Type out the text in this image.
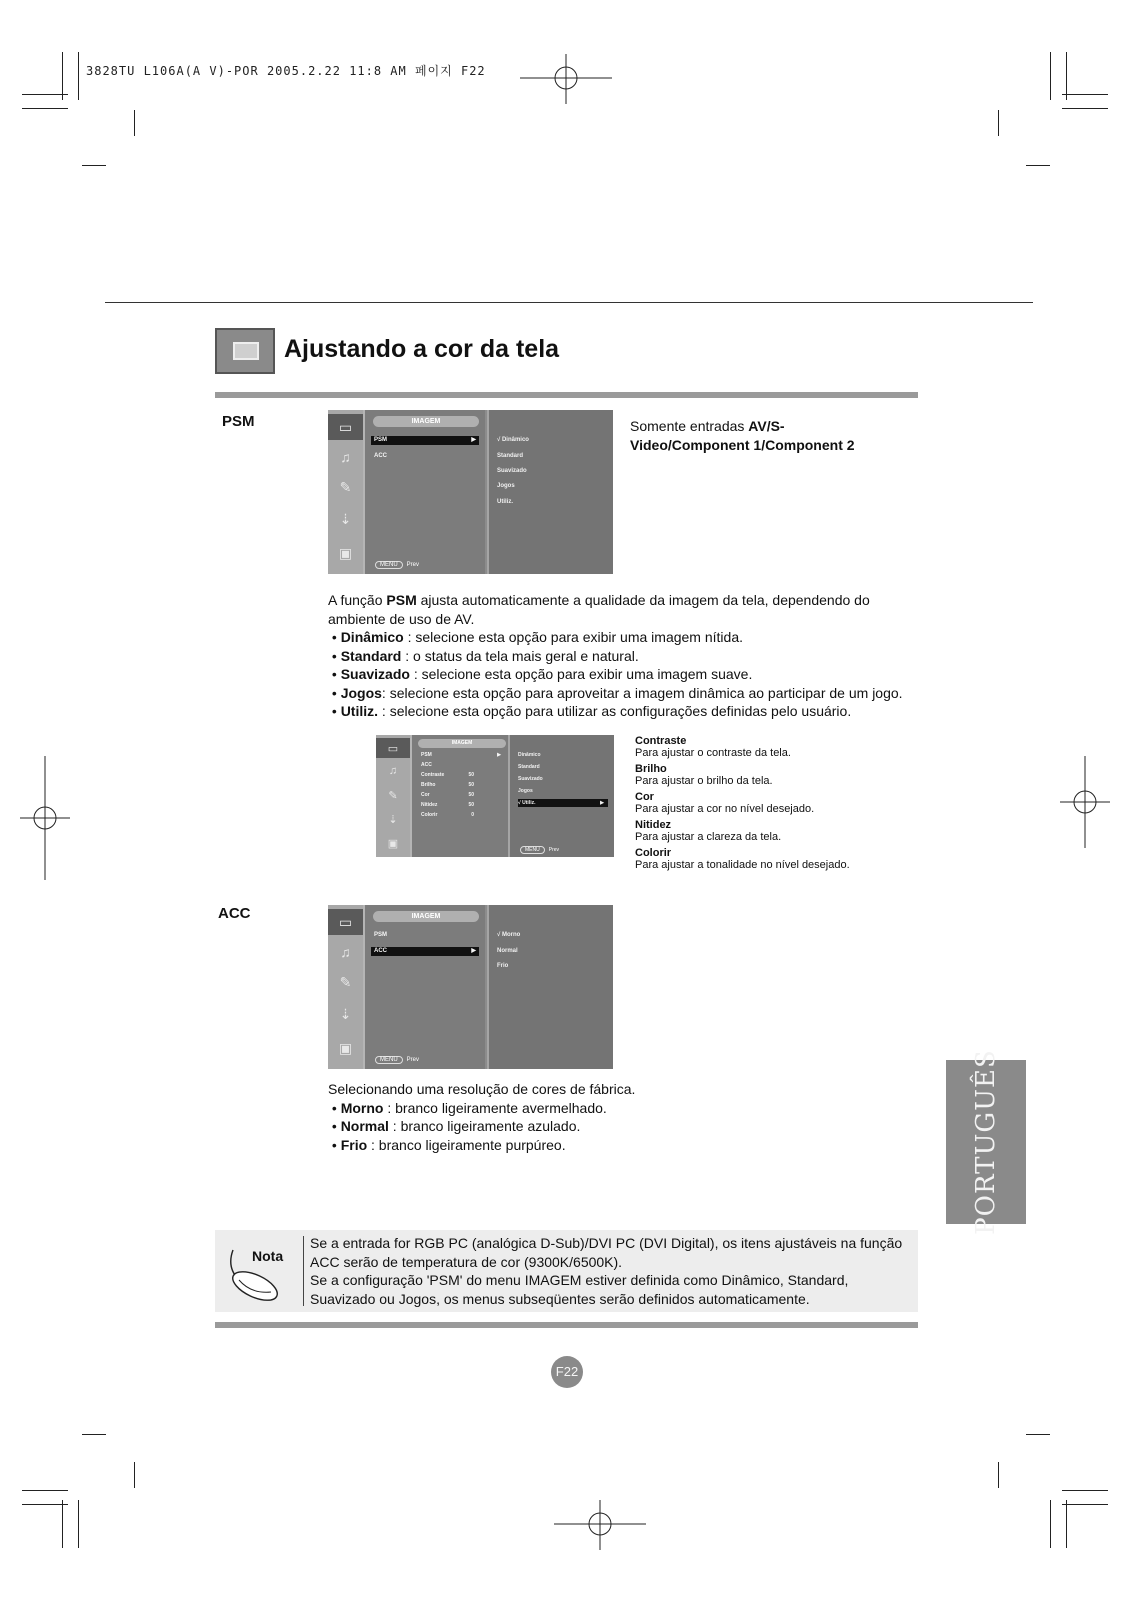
3828TU L106A(A V)-POR 2005.2.22 11:8 AM 페이지 F22
Ajustando a cor da tela
PSM	▭
♫
✎
⇣
▣
IMAGEM
PSM	▶
ACC
MENU Prev
√ Dinâmico
Standard
Suavizado
Jogos
Utiliz.
Somente entradas AV/S-Video/Component 1/Component 2

A função PSM ajusta automaticamente a qualidade da imagem da tela, dependendo do ambiente de uso de AV.

• Dinâmico : selecione esta opção para exibir uma imagem nítida.

• Standard : o status da tela mais geral e natural.

• Suavizado : selecione esta opção para exibir uma imagem suave.

• Jogos: selecione esta opção para aproveitar a imagem dinâmica ao participar de um jogo.

• Utiliz. : selecione esta opção para utilizar as configurações definidas pelo usuário.

▭
♫
✎
⇣
▣
IMAGEM
PSM	▶
ACC
Contraste	50
Brilho	50
Cor	50
Nitidez	50
Colorir	0
Dinâmico
Standard
Suavizado
Jogos
√ Utiliz.	▶
MENU Prev
Contraste
Para ajustar o contraste da tela.
Brilho
Para ajustar o brilho da tela.
Cor
Para ajustar a cor no nível desejado.
Nitidez
Para ajustar a clareza da tela.
Colorir
Para ajustar a tonalidade no nível desejado.
ACC	▭
♫
✎
⇣
▣
IMAGEM
PSM
ACC	▶
MENU Prev
√ Morno
Normal
Frio

Selecionando uma resolução de cores de fábrica.

• Morno : branco ligeiramente avermelhado.

• Normal : branco ligeiramente azulado.

• Frio : branco ligeiramente purpúreo.	PORTUGUÊS
Nota

Se a entrada for RGB PC (analógica D-Sub)/DVI PC (DVI Digital), os itens ajustáveis na função ACC serão de temperatura de cor (9300K/6500K).

Se a configuração 'PSM' do menu IMAGEM estiver definida como Dinâmico, Standard, Suavizado ou Jogos, os menus subseqüentes serão definidos automaticamente.

F22
